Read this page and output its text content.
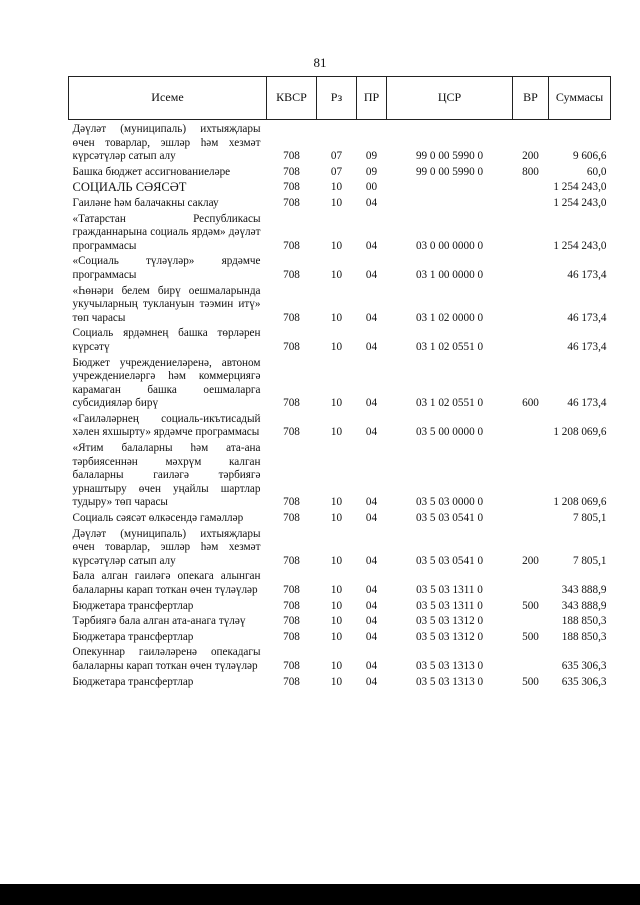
81
Исеме	КВСР	Рз	ПР	ЦСР	ВР	Суммасы
Дәүләт (муниципаль) ихтыяҗлары өчен товарлар, эшләр һәм хезмәт күрсәтүләр сатып алу	708	07	09	99 0 00 5990 0	200	9 606,6
Башка бюджет ассигнованиеләре	708	07	09	99 0 00 5990 0	800	60,0
СОЦИАЛЬ СӘЯСӘТ	708	10	00			1 254 243,0
Гаиләне һәм балачакны саклау	708	10	04			1 254 243,0
«Татарстан Республикасы гражданнарына социаль ярдәм» дәүләт программасы	708	10	04	03 0 00 0000 0		1 254 243,0
«Социаль түләүләр» ярдәмче программасы	708	10	04	03 1 00 0000 0		46 173,4
«Һөнәри белем бирү оешмаларында укучыларның туклануын тәэмин итү» төп чарасы	708	10	04	03 1 02 0000 0		46 173,4
Социаль ярдәмнең башка төрләрен күрсәтү	708	10	04	03 1 02 0551 0		46 173,4
Бюджет учреждениеләренә, автоном учреждениеләргә һәм коммерциягә карамаган башка оешмаларга субсидияләр бирү	708	10	04	03 1 02 0551 0	600	46 173,4
«Гаиләләрнең социаль-икътисадый хәлен яхшырту» ярдәмче программасы	708	10	04	03 5 00 0000 0		1 208 069,6
«Ятим балаларны һәм ата-ана тәрбиясеннән мәхрүм калган балаларны гаиләгә тәрбиягә урнаштыру өчен уңайлы шартлар тудыру» төп чарасы	708	10	04	03 5 03 0000 0		1 208 069,6
Социаль сәясәт өлкәсендә гамәлләр	708	10	04	03 5 03 0541 0		7 805,1
Дәүләт (муниципаль) ихтыяҗлары өчен товарлар, эшләр һәм хезмәт күрсәтүләр сатып алу	708	10	04	03 5 03 0541 0	200	7 805,1
Бала алган гаиләгә опекага алынган балаларны карап тоткан өчен түләүләр	708	10	04	03 5 03 1311 0		343 888,9
Бюджетара трансфертлар	708	10	04	03 5 03 1311 0	500	343 888,9
Тәрбиягә бала алган ата-анага түләү	708	10	04	03 5 03 1312 0		188 850,3
Бюджетара трансфертлар	708	10	04	03 5 03 1312 0	500	188 850,3
Опекуннар гаиләләренә опекадагы балаларны карап тоткан өчен түләүләр	708	10	04	03 5 03 1313 0		635 306,3
Бюджетара трансфертлар	708	10	04	03 5 03 1313 0	500	635 306,3
